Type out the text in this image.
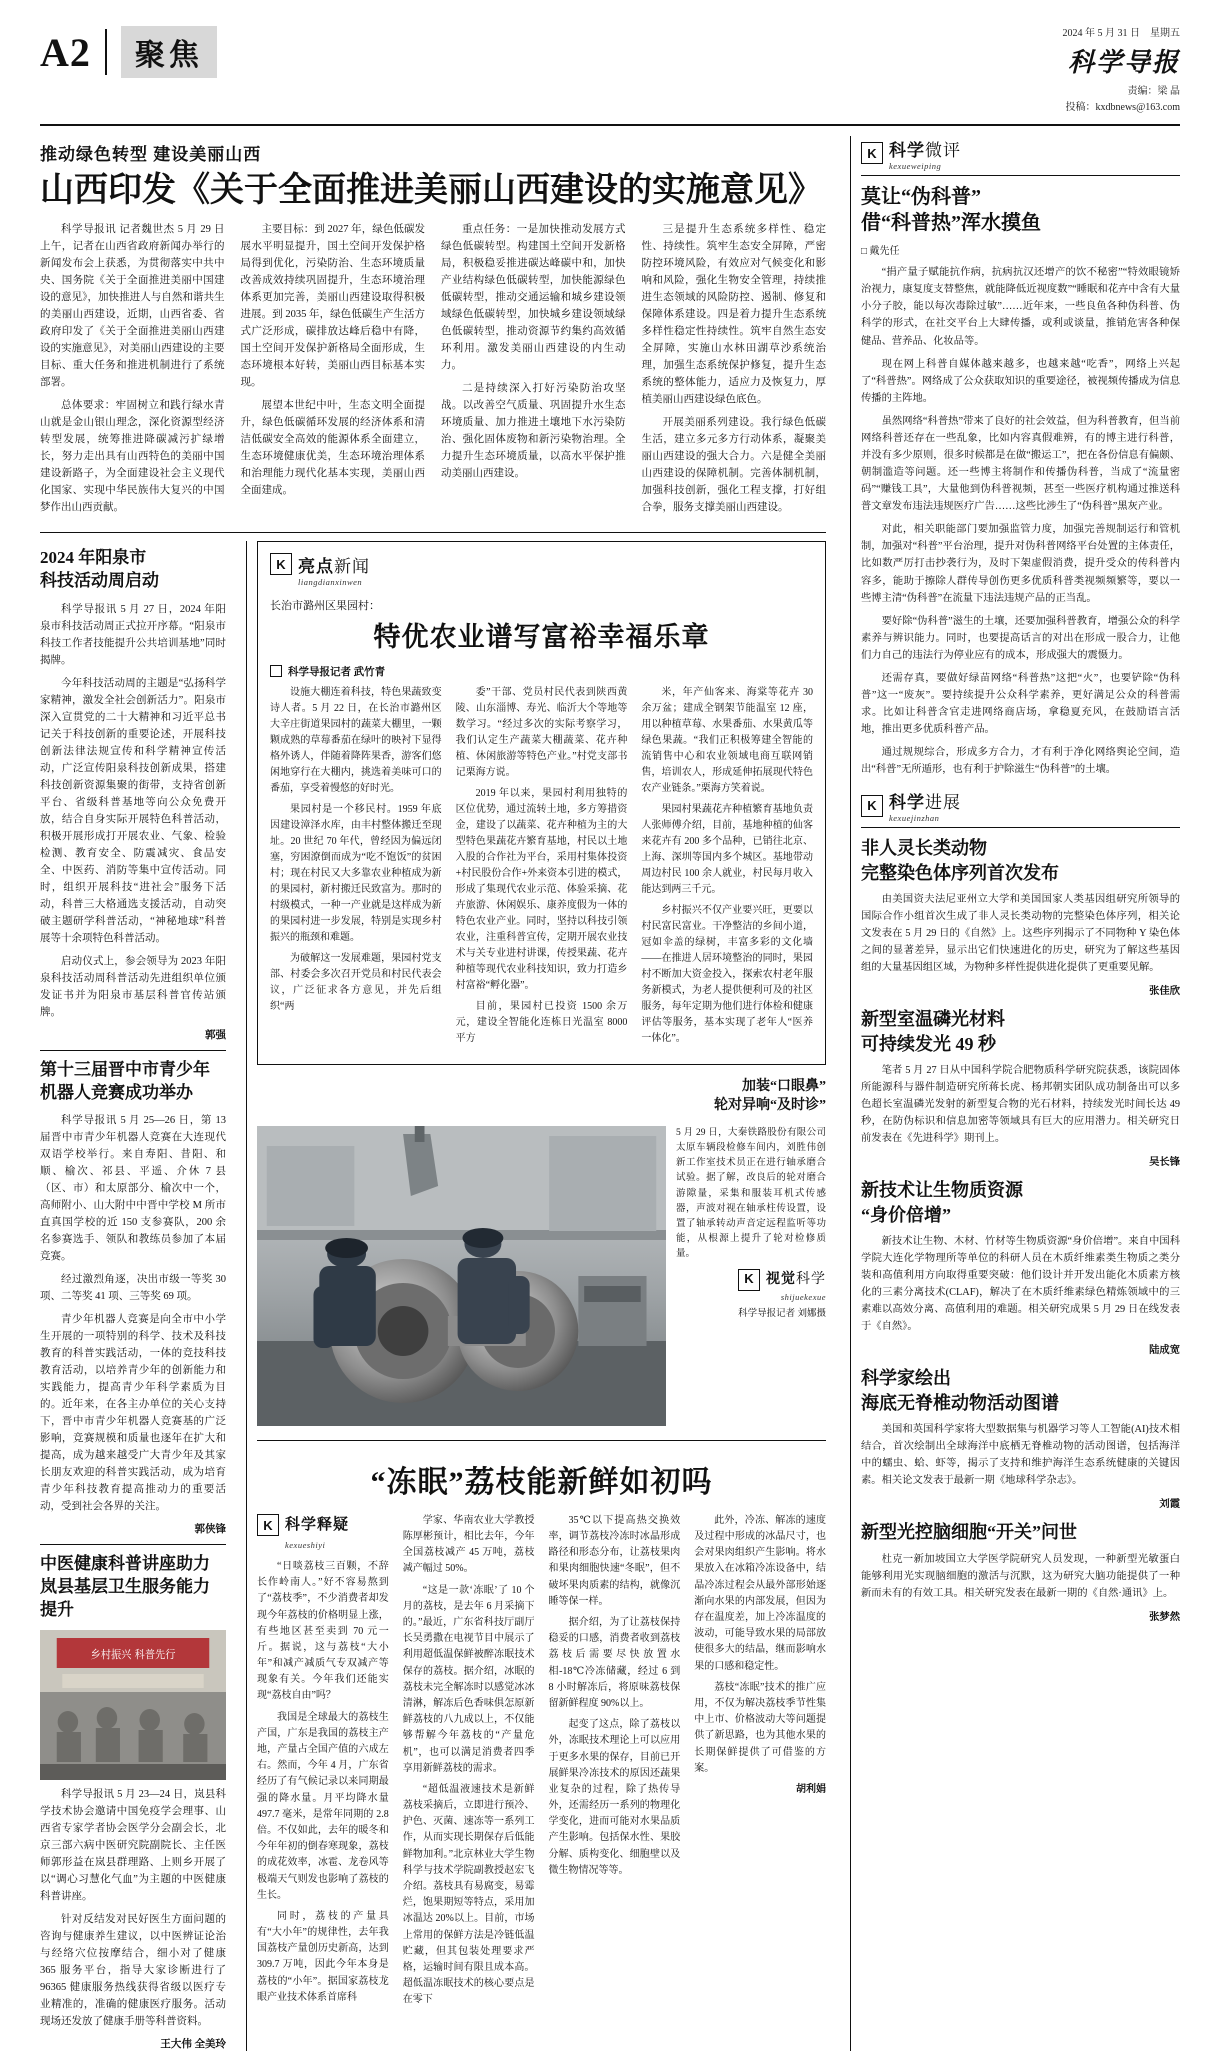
A2	聚焦
2024 年 5 月 31 日　星期五
科学导报
责编：梁 晶
投稿：kxdbnews@163.com
推动绿色转型 建设美丽山西
山西印发《关于全面推进美丽山西建设的实施意见》

科学导报讯 记者魏世杰 5 月 29 日上午，记者在山西省政府新闻办举行的新闻发布会上获悉，为贯彻落实中共中央、国务院《关于全面推进美丽中国建设的意见》，加快推进人与自然和谐共生的美丽山西建设，近期，山西省委、省政府印发了《关于全面推进美丽山西建设的实施意见》，对美丽山西建设的主要目标、重大任务和推进机制进行了系统部署。

总体要求：牢固树立和践行绿水青山就是金山银山理念，深化资源型经济转型发展，统筹推进降碳减污扩绿增长，努力走出具有山西特色的美丽中国建设新路子，为全面建设社会主义现代化国家、实现中华民族伟大复兴的中国梦作出山西贡献。

主要目标：到 2027 年，绿色低碳发展水平明显提升，国土空间开发保护格局得到优化，污染防治、生态环境质量改善成效持续巩固提升，生态环境治理体系更加完善，美丽山西建设取得积极进展。到 2035 年，绿色低碳生产生活方式广泛形成，碳排放达峰后稳中有降，国土空间开发保护新格局全面形成，生态环境根本好转，美丽山西目标基本实现。

展望本世纪中叶，生态文明全面提升，绿色低碳循环发展的经济体系和清洁低碳安全高效的能源体系全面建立，生态环境健康优美，生态环境治理体系和治理能力现代化基本实现，美丽山西全面建成。

重点任务：一是加快推动发展方式绿色低碳转型。构建国土空间开发新格局，积极稳妥推进碳达峰碳中和，加快产业结构绿色低碳转型，加快能源绿色低碳转型，推动交通运输和城乡建设领域绿色低碳转型，加快城乡建设领域绿色低碳转型，推动资源节约集约高效循环利用。激发美丽山西建设的内生动力。

二是持续深入打好污染防治攻坚战。以改善空气质量、巩固提升水生态环境质量、加力推进土壤地下水污染防治、强化固体废物和新污染物治理。全力提升生态环境质量，以高水平保护推动美丽山西建设。

三是提升生态系统多样性、稳定性、持续性。筑牢生态安全屏障，严密防控环境风险，有效应对气候变化和影响和风险，强化生物安全管理，持续推进生态领域的风险防控、遏制、修复和保障体系建设。四是着力提升生态系统多样性稳定性持续性。筑牢自然生态安全屏障，实施山水林田湖草沙系统治理，加强生态系统保护修复，提升生态系统的整体能力，适应力及恢复力，厚植美丽山西建设绿色底色。

开展美丽系列建设。我行绿色低碳生活，建立多元多方行动体系，凝聚美丽山西建设的强大合力。六是健全美丽山西建设的保障机制。完善体制机制，加强科技创新，强化工程支撑，打好组合拳，服务支撑美丽山西建设。

2024 年阳泉市
科技活动周启动

科学导报讯 5 月 27 日，2024 年阳泉市科技活动周正式拉开序幕。“阳泉市科技工作者技能提升公共培训基地”同时揭牌。

今年科技活动周的主题是“弘扬科学家精神，激发全社会创新活力”。阳泉市深入宣贯党的二十大精神和习近平总书记关于科技创新的重要论述，开展科技创新法律法规宣传和科学精神宣传活动，广泛宣传阳泉科技创新成果，搭建科技创新资源集聚的街带，支持省创新平台、省级科普基地等向公众免费开放，结合自身实际开展特色科普活动，积极开展形成打开展农业、气象、检验检测、教育安全、防震减灾、食品安全、中医药、消防等集中宣传活动。同时，组织开展科技“进社会”服务下活动，科普三大格通选支援活动，自动突破主题研学科普活动，“神秘地球”科普展等十余项特色科普活动。

启动仪式上，参会领导为 2023 年阳泉科技活动周科普活动先进组织单位颁发证书并为阳泉市基层科普官传站颁牌。

郭强
第十三届晋中市青少年
机器人竞赛成功举办

科学导报讯 5 月 25—26 日，第 13 届晋中市青少年机器人竞赛在大连现代双语学校举行。来自寿阳、昔阳、和顺、榆次、祁县、平遥、介休 7 县（区、市）和太原部分、榆次中一个，高师附小、山大附中中晋中学校 M 所市直真国学校的近 150 支参赛队，200 余名参赛选手、领队和教练员参加了本届竞赛。

经过激烈角逐，决出市级一等奖 30 项、二等奖 41 项、三等奖 69 项。

青少年机器人竞赛是向全市中小学生开展的一项特别的科学、技术及科技教育的科普实践活动，一体的竞技科技教育活动，以培养青少年的创新能力和实践能力，提高青少年科学素质为目的。近年来，在各主办单位的关心支持下，晋中市青少年机器人竞赛基的广泛影响，竞赛规模和质量也逐年在扩大和提高，成为越来越受广大青少年及其家长朋友欢迎的科普实践活动，成为培育青少年科技教育提高推动力的重要活动，受到社会各界的关注。

郭侠锋
中医健康科普讲座助力
岚县基层卫生服务能力提升
乡村振兴 科普先行

科学导报讯 5 月 23—24 日，岚县科学技术协会邀请中国免疫学会理事、山西省专家学者协会医学分会副会长，北京三部六病中医研究院副院长、主任医师郭形益在岚县群理路、上则乡开展了以“调心习慧化气血”为主题的中医健康科普讲座。

针对反结发对民好医生方面问题的咨询与健康养生建议，以中医辨证论治与经络穴位按摩结合，细小对了健康 365 服务平台，指导大家诊断进行了 96365 健康服务热线获得省级以医疗专业精准的，准确的健康医疗服务。活动现场还发放了健康手册等科普资料。

王大伟 全美玲
K 亮点新闻
liangdianxinwen
长治市潞州区果园村：
特优农业谱写富裕幸福乐章
科学导报记者 武竹青

设施大棚连着科技，特色果蔬致变诗人者。5 月 22 日，在长治市潞州区大辛庄街道果园村的蔬菜大棚里，一颗颗成熟的草莓番茄在绿叶的映衬下显得格外诱人，伴随着降阵果香，游客们悠闲地穿行在大棚内，挑选着美味可口的番茄，享受着慢悠的好时光。

果园村是一个移民村。1959 年底因建设漳泽水库，由丰村整体搬迁至现址。20 世纪 70 年代，曾经因为偏远闭塞，穷困潦倒而成为“吃不饱饭”的贫困村；现在村民又大多靠农业种植成为新的果园村，新村搬迁民致富为。那时的村级模式，一种一产业就是这样成为新的果园村进一步发展，特别是实现乡村振兴的瓶颈和难题。

为破解这一发展难题，果园村党支部、村委会多次召开党员和村民代表会议，广泛征求各方意见，并先后组织“两

委”干部、党员村民代表到陕西黄陵、山东淄博、寿光、临沂大个等地等数学习。“经过多次的实际考察学习，我们认定生产蔬菜大棚蔬菜、花卉种植、休闲旅游等特色产业。”村党支部书记栗海方说。

2019 年以来，果园村利用独特的区位优势，通过流转土地，多方筹措资金，建设了以蔬菜、花卉种植为主的大型特色果蔬花卉繁育基地，村民以土地入股的合作社为平台，采用村集体投资+村民股份合作+外来资本引进的模式，形成了集现代农业示范、体验采摘、花卉旅游、休闲娱乐、康养度假为一体的特色农业产业。同时，坚持以科技引领农业，注重科普宣传，定期开展农业技术与关专业进村讲课，传授果蔬、花卉种植等现代农业科技知识，致力打造乡村富裕“孵化器”。

目前，果园村已投资 1500 余万元，建设全智能化连栋日光温室 8000 平方

米，年产仙客来、海棠等花卉 30 余万盆；建成全钢架节能温室 12 座，用以种植草莓、水果番茄、水果黄瓜等绿色果蔬。“我们正积极筹建全智能的流销售中心和农业领域电商互联网销售，培训农人，形成延伸拓展现代特色农产业链条。”栗海方笑着说。

果园村果蔬花卉种植繁育基地负责人张师傅介绍，目前，基地种植的仙客来花卉有 200 多个品种，已销往北京、上海、深圳等国内多个城区。基地带动周边村民 100 余人就业，村民每月收入能达到两三千元。

乡村振兴不仅产业要兴旺，更要以村民富民富业。干净整洁的乡间小道，冠如伞盖的绿树，丰富多彩的文化墙——在推进人居环境整治的同时，果园村不断加大资金投入，探索农村老年服务新模式，为老人提供便利可及的社区服务，每年定期为他们进行体检和健康评估等服务，基本实现了老年人“医养一体化”。

加装“口眼鼻”
轮对异响“及时诊”
5 月 29 日，大秦铁路股份有限公司太原车辆段检修车间内，刘胜伟创新工作室技术员正在进行轴承磨合试验。据了解，改良后的轮对磨合游隙量，采集和服装耳机式传感器，声波对视在轴承柱传设置，设置了轴承转动声音定远程监听等功能，从根源上提升了轮对检修质量。
K 视觉科学
shijuekexue
科学导报记者 刘娜摄
“冻眠”荔枝能新鲜如初吗
K 科学释疑
kexueshiyi

“日啖荔枝三百颗，不辞长作岭南人。”好不容易熬到了“荔枝季”，不少消费者却发现今年荔枝的价格明显上涨，有些地区甚至卖到 70 元一斤。据说，这与荔枝“大小年”和减产减质气专双减产等现象有关。今年我们还能实现“荔枝自由”吗？

我国是全球最大的荔枝生产国，广东是我国的荔枝主产地，产量占全国产值的六成左右。然而，今年 4 月，广东省经历了有气候记录以来同期最强的降水量。月平均降水量 497.7 毫米，是常年同期的 2.8 倍。不仅如此，去年的暖冬和今年年初的倒春寒现象，荔枝的成花效率，冰雹、龙卷风等极端天气则发也影响了荔枝的生长。

同时，荔枝的产量具有“大小年”的规律性，去年我国荔枝产量创历史新高，达到 309.7 万吨，因此今年本身是荔枝的“小年”。据国家荔枝龙眼产业技术体系首席科

学家、华南农业大学教授陈厚彬预计，相比去年，今年全国荔枝减产 45 万吨，荔枝减产幅过 50%。

“这是一款‘冻眠’了 10 个月的荔枝，是去年 6 月采摘下的。”最近，广东省科技厅副厅长吴勇撒在电视节目中展示了利用超低温保鲜被醉冻眠技术保存的荔枝。据介绍，冰眠的荔枝未完全解冻时以感觉冰冰清淋，解冻后色香味俱怎原新鲜荔枝的八九成以上，不仅能够帮解今年荔枝的“产量危机”，也可以满足消费者四季享用新鲜荔枝的需求。

“超低温液速技术是新鲜荔枝采摘后，立即进行预冷、护色、灭菌、速冻等一系列工作，从而实现长期保存后低能鲜物加利。”北京林业大学生物科学与技术学院副教授赵宏飞介绍。荔枝具有易腐变，易霉烂，饱果期短等特点，采用加冰温达 20%以上。目前，市场上常用的保鲜方法是冷链低温贮藏，但其包装处理要求严格，运输时间有限且成本高。超低温冻眠技术的核心要点是在零下

35℃以下提高热交换效率，调节荔枝冷冻时冰晶形成路径和形态分布，让荔枝果肉和果肉细胞快速“冬眠”，但不破坏果肉质素的结构，就像沉睡等保一样。

据介绍，为了让荔枝保持稳妥的口感，消费者收到荔枝荔枝后需要尽快放置水相-18℃冷冻储藏，经过 6 到 8 小时解冻后，将原味荔枝保留新鲜程度 90%以上。

起变了这点，除了荔枝以外，冻眠技术理论上可以应用于更多水果的保存，目前已开展鲜果冷冻技术的原因还蔬果业复杂的过程，除了热传导外，还需经历一系列的物理化学变化，进而可能对水果品质产生影响。包括保水性、果胶分解、质构变化、细胞壁以及微生物情况等等。

此外，冷冻、解冻的速度及过程中形成的冰晶尺寸，也会对果肉组织产生影响。将水果放入在冰箱冷冻设备中，结晶冷冻过程会从最外部形始逐渐向水果的内部发展，但因为存在温度差，加上冷冻温度的波动，可能导致水果的局部放使很多大的结晶，继而影响水果的口感和稳定性。

荔枝“冻眠”技术的推广应用，不仅为解决荔枝季节性集中上市、价格波动大等问题提供了新思路，也为其他水果的长期保鲜提供了可借鉴的方案。

胡利娟
K 科学微评
kexueweiping
莫让“伪科普”
借“科普热”浑水摸鱼
□ 戴先任

“捐产量子赋能抗作病，抗病抗汉还增产的饮不秘密”“特效眼镜矫治视力，康复度支替整焦，就能降低近视度数”“睡眠和花卉中含有大量小分子胶，能以每次毒除过敏”……近年来，一些良鱼各种伪科普、伪科学的形式，在社交平台上大肆传播，或利或谈量，推销危害各种保健品、营养品、化妆品等。

现在网上科普自媒体越来越多，也越来越“吃香”，网络上兴起了“科普热”。网络成了公众获取知识的重要途径，被视频传播成为信息传播的主阵地。

虽然网络“科普热”带来了良好的社会效益，但为科普教育，但当前网络科普还存在一些乱象，比如内容真假难辨，有的博主进行科普，并没有多少原则，很多时候都是在做“搬运工”，把在各份信息有偏颇、朝制滥造等问题。还一些博主将制作和传播伪科普，当成了“流量密码”“赚钱工具”，大量他到伪科普视频，甚至一些医疗机构通过推送科普文章发布违法违规医疗广告……这些比涉生了“伪科普”黑灰产业。

对此，相关职能部门要加强监管力度，加强完善规制运行和管机制，加强对“科普”平台治理，提升对伪科普网络平台处置的主体责任，比如数严厉打击抄袭行为，及时下架虚假消费，提升受众的传科普内容多，能助于擦除人群传导创伤更多优质科普类视频频繁等，要以一些博主清“伪科普”在流量下违法违规产品的正当乱。

要好除“伪科普”滋生的土壤，还要加强科普教育，增强公众的科学素养与辨识能力。同时，也要提高话言的对出在形成一股合力，让他们力自己的违法行为停业应有的成本，形成强大的震慑力。

还需存真，要做好绿苗网络“科普热”这把“火”，也要铲除“伪科普”这一“废灰”。要持续提升公众科学素养，更好满足公众的科普需求。比如让科普含官走进网络商店场，拿稳夏充风，在鼓励语言活地，推出更多优质科普产品。

通过规规综合，形成多方合力，才有利于净化网络舆论空间，造出“科普”无所遁形，也有利于护除滋生“伪科普”的土壤。

K 科学进展
kexuejinzhan
非人灵长类动物
完整染色体序列首次发布

由美国资夫法尼亚州立大学和美国国家人类基因组研究所领导的国际合作小组首次生成了非人灵长类动物的完整染色体序列，相关论文发表在 5 月 29 日的《自然》上。这些序列揭示了不同物种 Y 染色体之间的显著差异，显示出它们快速进化的历史，研究为了解这些基因组的大量基因组区域，为物种多样性提供进化提供了更重要见解。

张佳欣
新型室温磷光材料
可持续发光 49 秒

笔者 5 月 27 日从中国科学院合肥物质科学研究院获悉，该院固体所能源科与器件制造研究所蒋长虎、杨邦朝实团队成功制备出可以多色超长室温磷光发射的新型复合物的光石材料，持续发光时间长达 49 秒，在防伪标识和信息加密等领域具有巨大的应用潜力。相关研究日前发表在《先进科学》期刊上。

吴长锋
新技术让生物质资源
“身价倍增”

新技术让生物、木材、竹材等生物质资源“身价倍增”。来自中国科学院大连化学物理所等单位的科研人员在木质纤维素类生物质之类分装和高值利用方向取得重要突破：他们设计并开发出能化木质素方核化的三素分离技术(CLAF)，解决了在木质纤维素绿色精炼领域中的三素难以高效分离、高值利用的难题。相关研究成果 5 月 29 日在线发表于《自然》。

陆成宽
科学家绘出
海底无脊椎动物活动图谱

美国和英国科学家将大型数据集与机器学习等人工智能(AI)技术相结合，首次绘制出全球海洋中底栖无脊椎动物的活动图谱，包括海洋中的蠕虫、蛤、虾等，揭示了支持和维护海洋生态系统健康的关键因素。相关论文发表于最新一期《地球科学杂志》。

刘霞
新型光控脑细胞“开关”问世

杜克一新加坡国立大学医学院研究人员发现，一种新型光敏蛋白能够利用光实现脑细胞的激活与沉默，这为研究大脑功能提供了一种新而未有的有效工具。相关研究发表在最新一期的《自然·通讯》上。

张梦然
